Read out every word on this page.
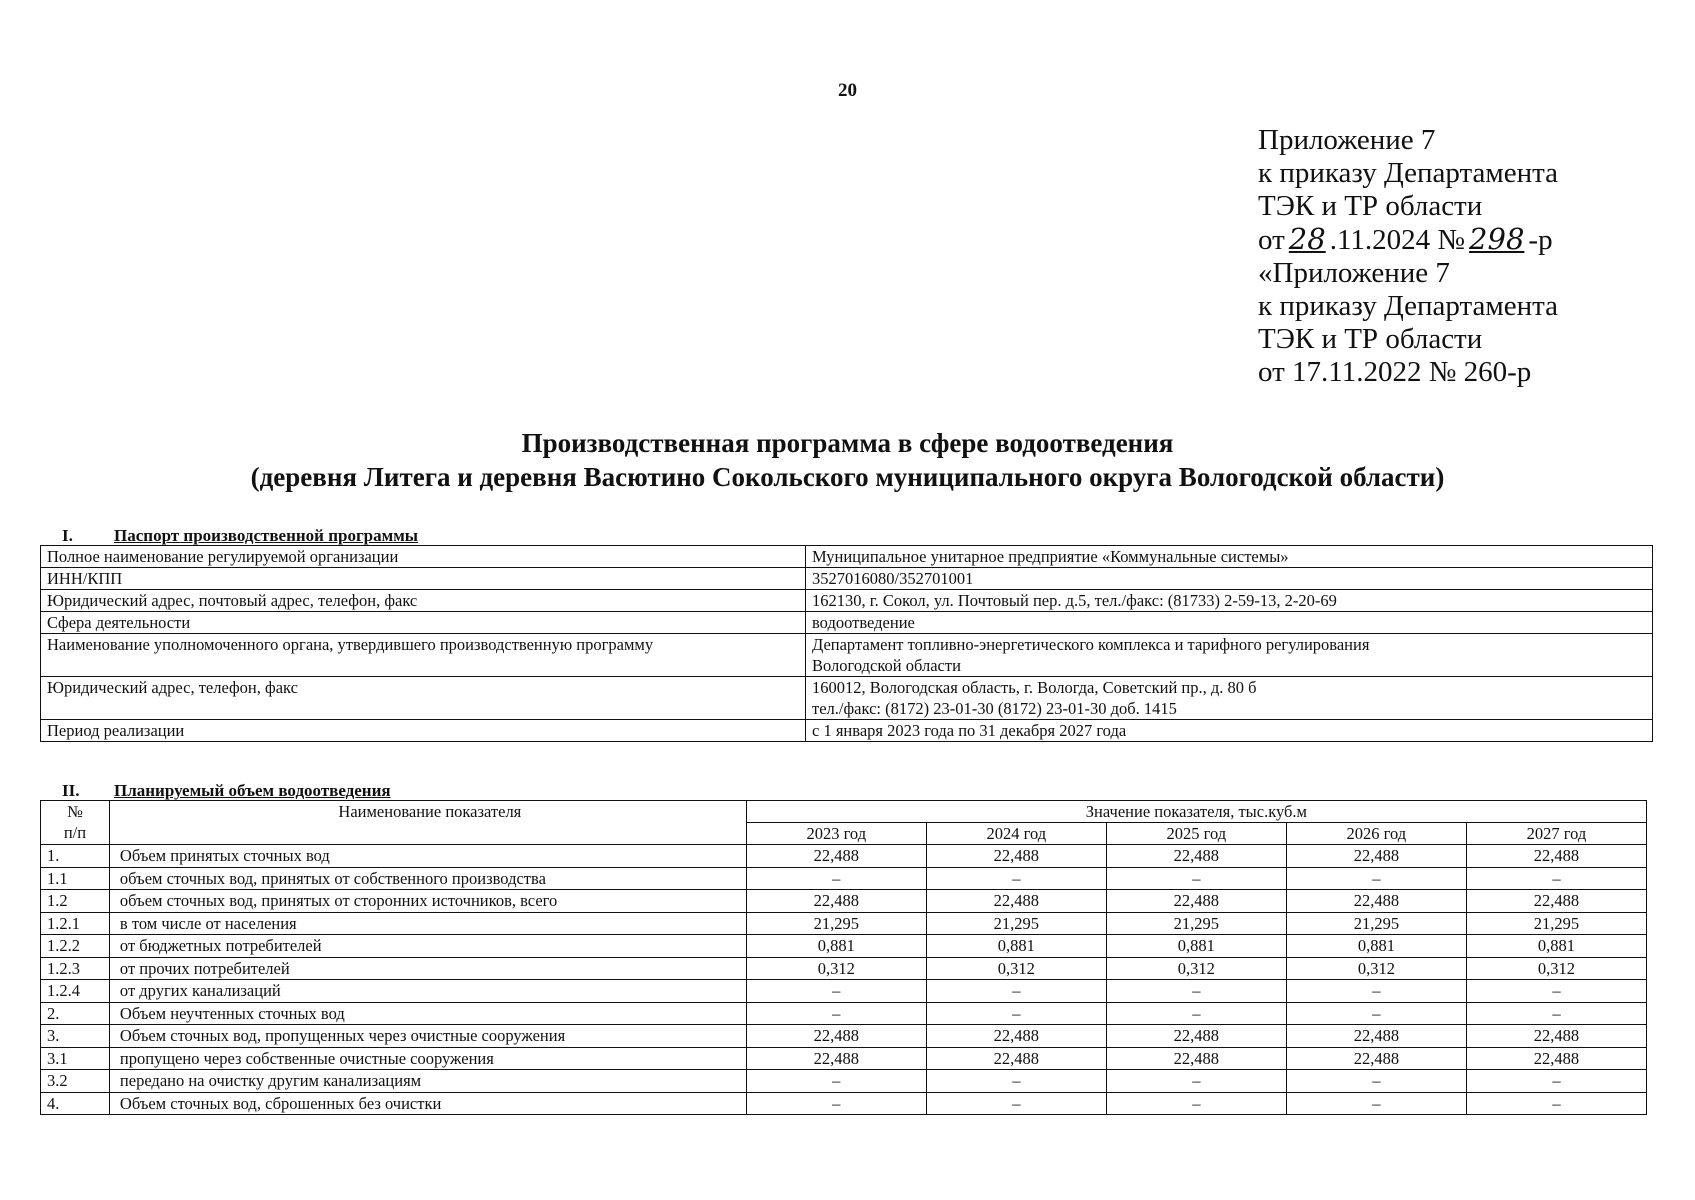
20
Приложение 7
к приказу Департамента
ТЭК и ТР области
от 28 .11.2024 № 298 -р
«Приложение 7
к приказу Департамента
ТЭК и ТР области
от 17.11.2022 № 260-р
Производственная программа в сфере водоотведения
(деревня Литега и деревня Васютино Сокольского муниципального округа Вологодской области)
I. Паспорт производственной программы
Полное наименование регулируемой организации	Муниципальное унитарное предприятие «Коммунальные системы»

ИНН/КПП	3527016080/352701001

Юридический адрес, почтовый адрес, телефон, факс	162130, г. Сокол, ул. Почтовый пер. д.5, тел./факс: (81733) 2-59-13, 2-20-69

Сфера деятельности	водоотведение

Наименование уполномоченного органа, утвердившего производственную программу	Департамент топливно-энергетического комплекса и тарифного регулирования
Вологодской области

Юридический адрес, телефон, факс	160012, Вологодская область, г. Вологда, Советский пр., д. 80 б
тел./факс: (8172) 23-01-30 (8172) 23-01-30 доб. 1415

Период реализации	с 1 января 2023 года по 31 декабря 2027 года
II. Планируемый объем водоотведения
№
п/п	Наименование показателя	Значение показателя, тыс.куб.м				
		2023 год	2024 год	2025 год	2026 год	2027 год
1.	Объем принятых сточных вод	22,488	22,488	22,488	22,488	22,488
1.1	объем сточных вод, принятых от собственного производства	–	–	–	–	–
1.2	объем сточных вод, принятых от сторонних источников, всего	22,488	22,488	22,488	22,488	22,488
1.2.1	в том числе от населения	21,295	21,295	21,295	21,295	21,295
1.2.2	от бюджетных потребителей	0,881	0,881	0,881	0,881	0,881
1.2.3	от прочих потребителей	0,312	0,312	0,312	0,312	0,312
1.2.4	от других канализаций	–	–	–	–	–
2.	Объем неучтенных сточных вод	–	–	–	–	–
3.	Объем сточных вод, пропущенных через очистные сооружения	22,488	22,488	22,488	22,488	22,488
3.1	пропущено через собственные очистные сооружения	22,488	22,488	22,488	22,488	22,488
3.2	передано на очистку другим канализациям	–	–	–	–	–
4.	Объем сточных вод, сброшенных без очистки	–	–	–	–	–
